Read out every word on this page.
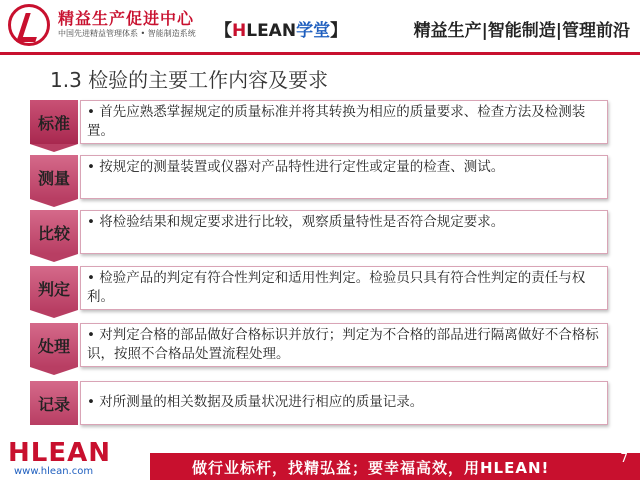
精益生产促进中心
中国先进精益管理体系 • 智能制造系统 【HLEAN学堂】	精益生产|智能制造|管理前沿
1.3 检验的主要工作内容及要求
标准
• 首先应熟悉掌握规定的质量标准并将其转换为相应的质量要求、检查方法及检测装置。
测量
• 按规定的测量装置或仪器对产品特性进行定性或定量的检查、测试。
比较
• 将检验结果和规定要求进行比较，观察质量特性是否符合规定要求。
判定
• 检验产品的判定有符合性判定和适用性判定。检验员只具有符合性判定的责任与权利。
处理
• 对判定合格的部品做好合格标识并放行；判定为不合格的部品进行隔离做好不合格标识，按照不合格品处置流程处理。
记录	• 对所测量的相关数据及质量状况进行相应的质量记录。
HLEAN
www.hlean.com	做行业标杆，找精弘益；要幸福高效，用HLEAN!
7
